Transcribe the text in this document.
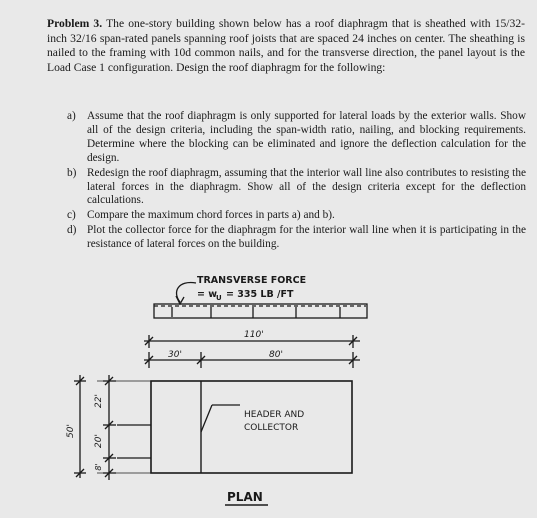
Problem 3. The one-story building shown below has a roof diaphragm that is sheathed with 15/32-inch 32/16 span-rated panels spanning roof joists that are spaced 24 inches on center. The sheathing is nailed to the framing with 10d common nails, and for the transverse direction, the panel layout is the Load Case 1 configuration. Design the roof diaphragm for the following:
a) Assume that the roof diaphragm is only supported for lateral loads by the exterior walls. Show all of the design criteria, including the span-width ratio, nailing, and blocking requirements. Determine where the blocking can be eliminated and ignore the deflection calculation for the design.
b) Redesign the roof diaphragm, assuming that the interior wall line also contributes to resisting the lateral forces in the diaphragm. Show all of the design criteria except for the deflection calculations.
c) Compare the maximum chord forces in parts a) and b).
d) Plot the collector force for the diaphragm for the interior wall line when it is participating in the resistance of lateral forces on the building.
TRANSVERSE FORCE
= w
U = 335 LB /FT
110'
30'	80'
50'
22'
20'
8'
HEADER AND
COLLECTOR
PLAN
